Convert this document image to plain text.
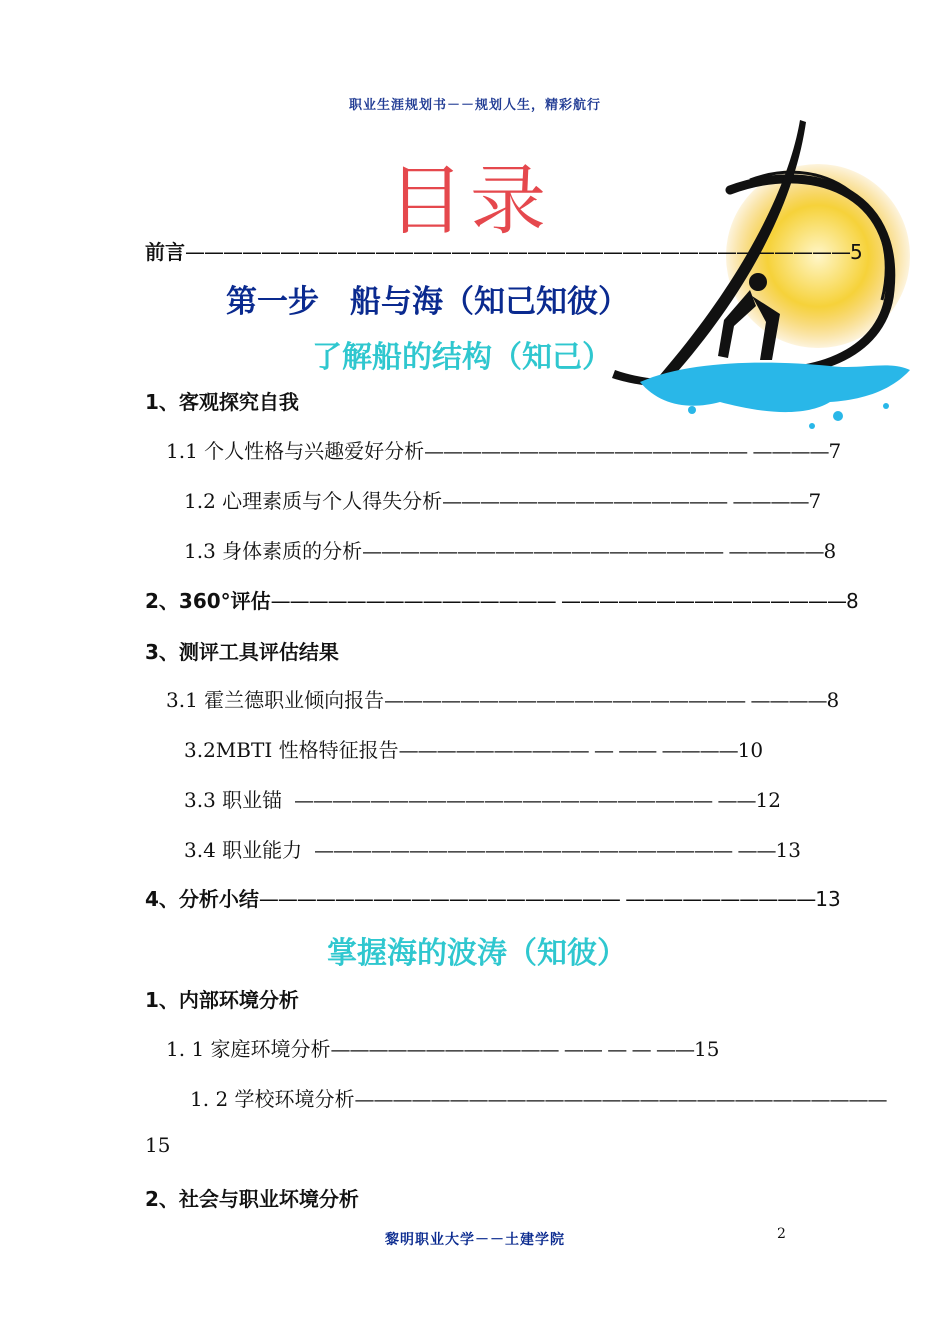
职业生涯规划书－－规划人生，精彩航行
目录
前言———————————————————————————————————5
第一步　船与海（知己知彼）
了解船的结构（知己）
1、客观探究自我
1.1 个人性格与兴趣爱好分析————————————————— ————7
1.2 心理素质与个人得失分析——————————————— ————7
1.3 身体素质的分析——————————————————— —————8
2、360°评估——————————————— ———————————————8
3、测评工具评估结果
3.1 霍兰德职业倾向报告——————————————————— ————8
3.2MBTI 性格特征报告—————————— — —— ————10
3.3 职业锚 —————————————————————— ——12
3.4 职业能力 —————————————————————— ——13
4、分析小结——————————————————— ——————————13
掌握海的波涛（知彼）
1、内部环境分析
1. 1 家庭环境分析———————————— —— — — ——15
1. 2 学校环境分析————————————————————————————
15
2、社会与职业坏境分析
黎明职业大学－－土建学院	2
